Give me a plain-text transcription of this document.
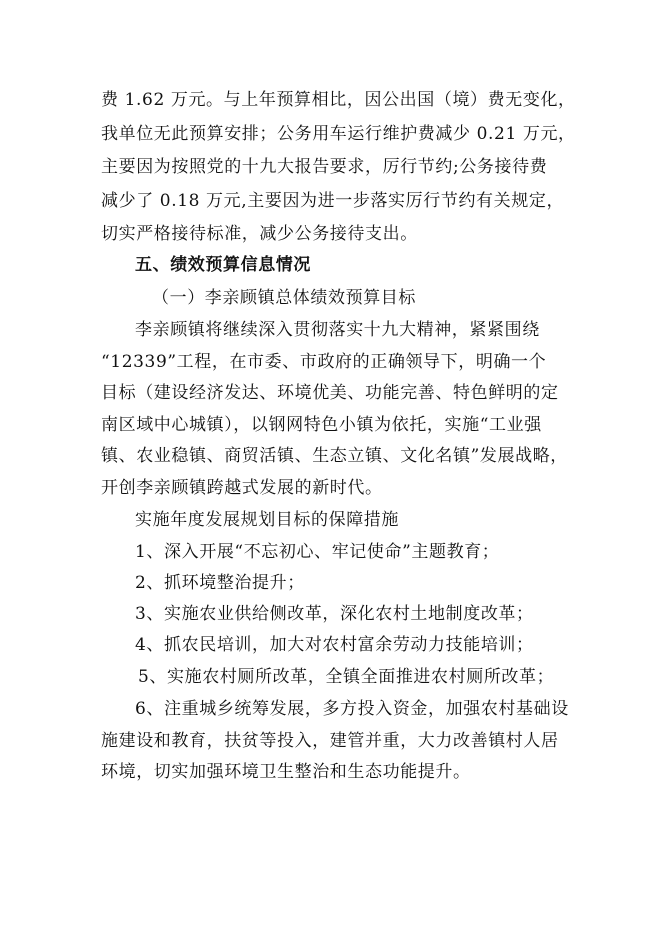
费 1.62 万元。与上年预算相比，因公出国（境）费无变化，
我单位无此预算安排；公务用车运行维护费减少 0.21 万元，
主要因为按照党的十九大报告要求，厉行节约;公务接待费
减少了 0.18 万元,主要因为进一步落实厉行节约有关规定，
切实严格接待标准，减少公务接待支出。
五、绩效预算信息情况
（一）李亲顾镇总体绩效预算目标
李亲顾镇将继续深入贯彻落实十九大精神，紧紧围绕
“12339”工程，在市委、市政府的正确领导下，明确一个
目标（建设经济发达、环境优美、功能完善、特色鲜明的定
南区域中心城镇），以钢网特色小镇为依托，实施“工业强
镇、农业稳镇、商贸活镇、生态立镇、文化名镇”发展战略，
开创李亲顾镇跨越式发展的新时代。
实施年度发展规划目标的保障措施
1、深入开展“不忘初心、牢记使命”主题教育；
2、抓环境整治提升；
3、实施农业供给侧改革，深化农村土地制度改革；
4、抓农民培训，加大对农村富余劳动力技能培训；
5、实施农村厕所改革，全镇全面推进农村厕所改革；
6、注重城乡统筹发展，多方投入资金，加强农村基础设
施建设和教育，扶贫等投入，建管并重，大力改善镇村人居
环境，切实加强环境卫生整治和生态功能提升。
